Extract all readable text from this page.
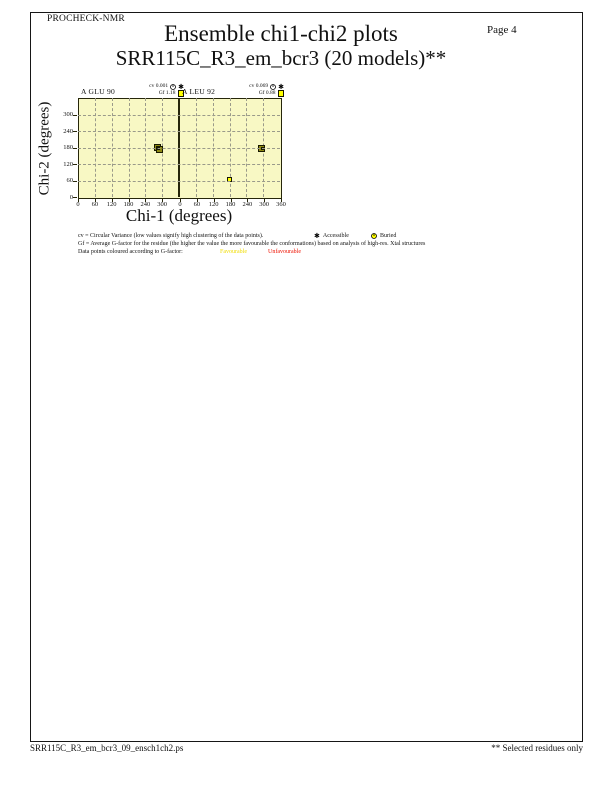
PROCHECK-NMR
Page 4
Ensemble chi1-chi2 plots
SRR115C_R3_em_bcr3 (20 models)**
Chi-2 (degrees)
A GLU 90
cv 0.001 ✱
Gf 1.18 A LEU 92
cv 0.069 ✱
Gf 0.88
0
60
120
180
240
300
0	60	120	180	240	300	0	60	120	180	240	300	360
Chi-1 (degrees)
cv = Circular Variance (low values signify high clustering of the data points).	✱ Accessible	Buried
Gf = Average G-factor for the residue (the higher the value the more favourable the conformations) based on analysis of high-res. Xtal structures
Data points coloured according to G-factor:	Favourable	Unfavourable
SRR115C_R3_em_bcr3_09_ensch1ch2.ps	** Selected residues only
